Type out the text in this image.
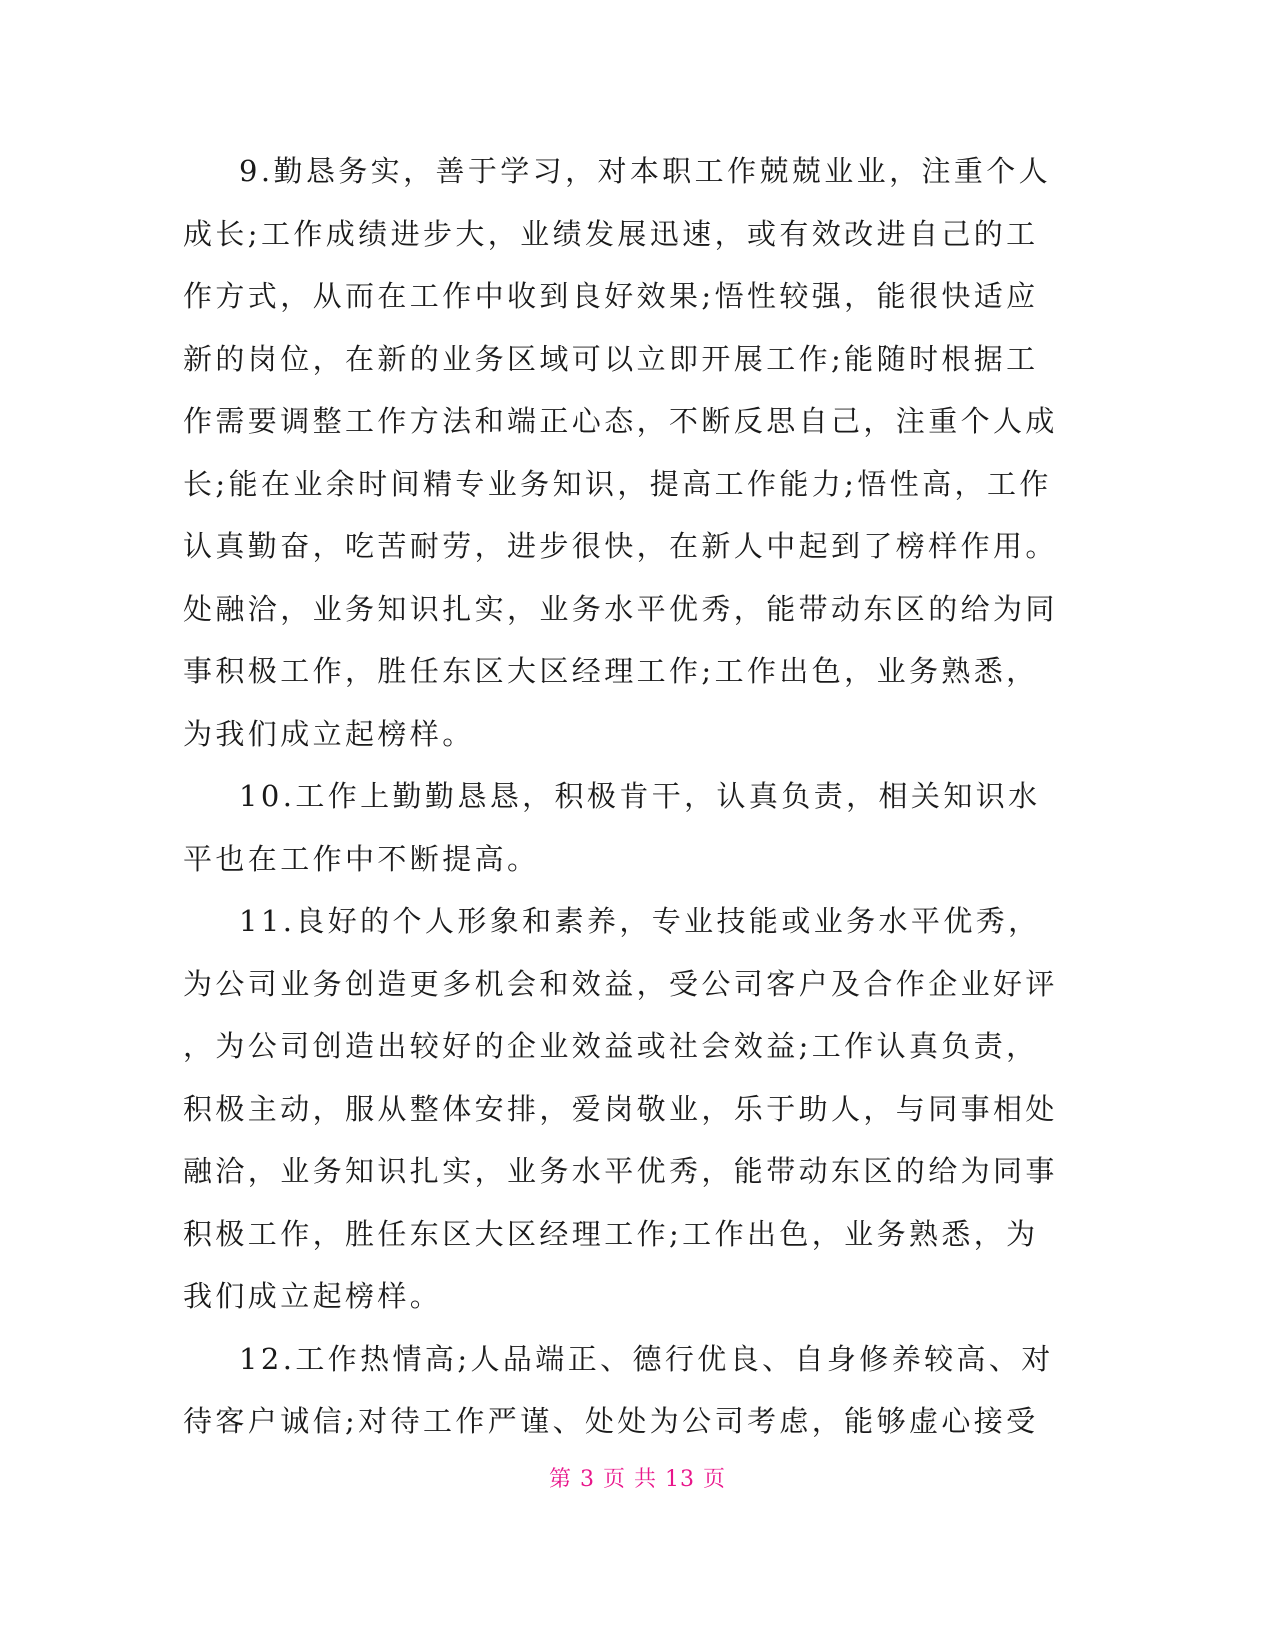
9.勤恳务实，善于学习，对本职工作兢兢业业，注重个人
成长;工作成绩进步大，业绩发展迅速，或有效改进自己的工
作方式，从而在工作中收到良好效果;悟性较强，能很快适应
新的岗位，在新的业务区域可以立即开展工作;能随时根据工
作需要调整工作方法和端正心态，不断反思自己，注重个人成
长;能在业余时间精专业务知识，提高工作能力;悟性高，工作
认真勤奋，吃苦耐劳，进步很快，在新人中起到了榜样作用。
处融洽，业务知识扎实，业务水平优秀，能带动东区的给为同
事积极工作，胜任东区大区经理工作;工作出色，业务熟悉，
为我们成立起榜样。
10.工作上勤勤恳恳，积极肯干，认真负责，相关知识水
平也在工作中不断提高。
11.良好的个人形象和素养，专业技能或业务水平优秀，
为公司业务创造更多机会和效益，受公司客户及合作企业好评
，为公司创造出较好的企业效益或社会效益;工作认真负责，
积极主动，服从整体安排，爱岗敬业，乐于助人，与同事相处
融洽，业务知识扎实，业务水平优秀，能带动东区的给为同事
积极工作，胜任东区大区经理工作;工作出色，业务熟悉，为
我们成立起榜样。
12.工作热情高;人品端正、德行优良、自身修养较高、对
待客户诚信;对待工作严谨、处处为公司考虑，能够虚心接受
第 3 页 共 13 页
